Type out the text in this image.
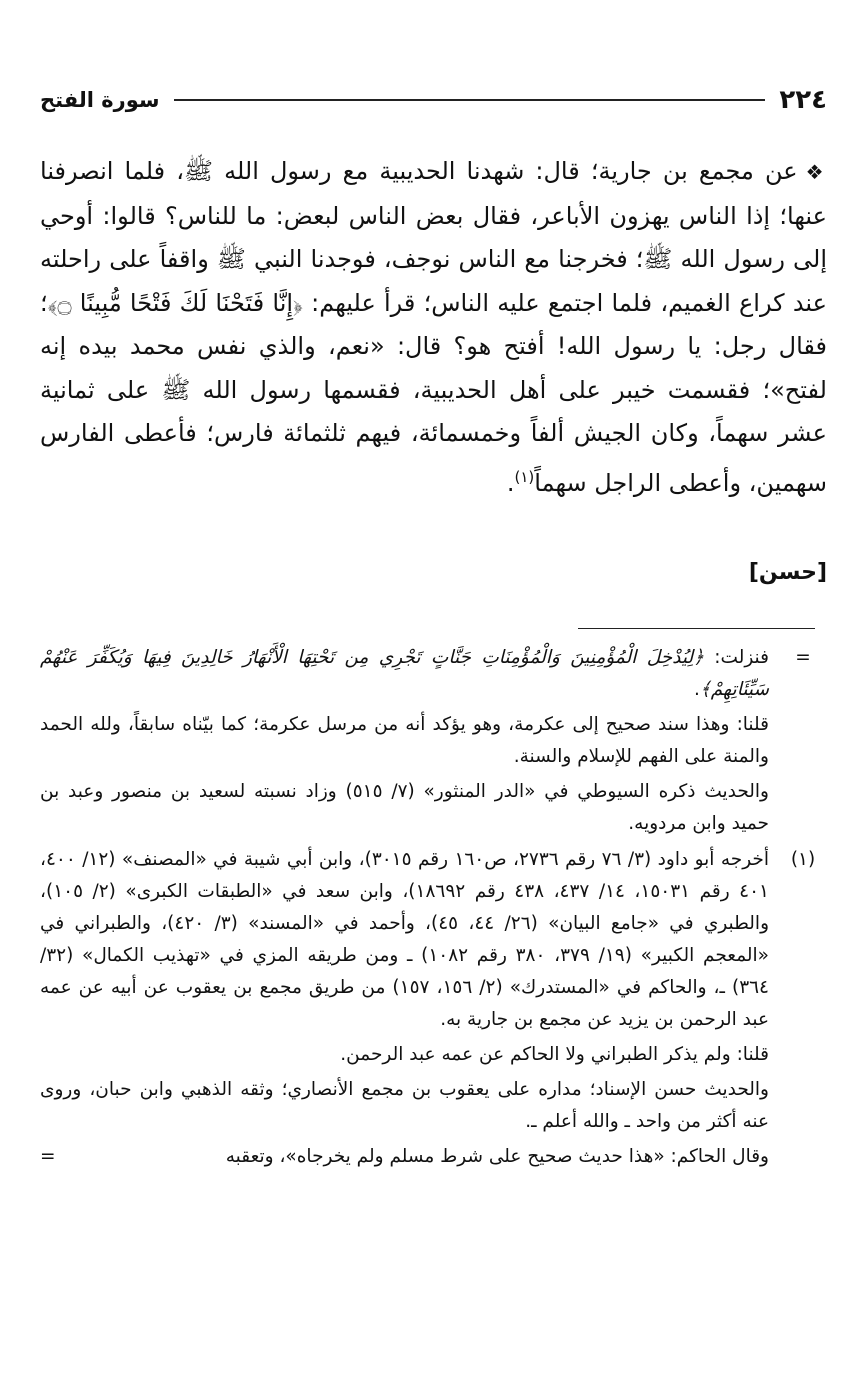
٢٢٤
سورة الفتح

❖عن مجمع بن جارية؛ قال: شهدنا الحديبية مع رسول الله ﷺ، فلما انصرفنا عنها؛ إذا الناس يهزون الأباعر، فقال بعض الناس لبعض: ما للناس؟ قالوا: أوحي إلى رسول الله ﷺ؛ فخرجنا مع الناس نوجف، فوجدنا النبي ﷺ واقفاً على راحلته عند كراع الغميم، فلما اجتمع عليه الناس؛ قرأ عليهم: ﴿إِنَّا فَتَحْنَا لَكَ فَتْحًا مُّبِينًا ۝﴾؛ فقال رجل: يا رسول الله! أفتح هو؟ قال: «نعم، والذي نفس محمد بيده إنه لفتح»؛ فقسمت خيبر على أهل الحديبية، فقسمها رسول الله ﷺ على ثمانية عشر سهماً، وكان الجيش ألفاً وخمسمائة، فيهم ثلثمائة فارس؛ فأعطى الفارس سهمين، وأعطى الراجل سهماً$^{(١)}$.

[حسن]
=

فنزلت: ﴿لِيُدْخِلَ الْمُؤْمِنِينَ وَالْمُؤْمِنَاتِ جَنَّاتٍ تَجْرِي مِن تَحْتِهَا الْأَنْهَارُ خَالِدِينَ فِيهَا وَيُكَفِّرَ عَنْهُمْ سَيِّئَاتِهِمْ﴾.

قلنا: وهذا سند صحيح إلى عكرمة، وهو يؤكد أنه من مرسل عكرمة؛ كما بيّناه سابقاً، ولله الحمد والمنة على الفهم للإسلام والسنة.

والحديث ذكره السيوطي في «الدر المنثور» (٧/ ٥١٥) وزاد نسبته لسعيد بن منصور وعبد بن حميد وابن مردويه.

(١)

أخرجه أبو داود (٣/ ٧٦ رقم ٢٧٣٦، ص١٦٠ رقم ٣٠١٥)، وابن أبي شيبة في «المصنف» (١٢/ ٤٠٠، ٤٠١ رقم ١٥٠٣١، ١٤/ ٤٣٧، ٤٣٨ رقم ١٨٦٩٢)، وابن سعد في «الطبقات الكبرى» (٢/ ١٠٥)، والطبري في «جامع البيان» (٢٦/ ٤٤، ٤٥)، وأحمد في «المسند» (٣/ ٤٢٠)، والطبراني في «المعجم الكبير» (١٩/ ٣٧٩، ٣٨٠ رقم ١٠٨٢) ـ ومن طريقه المزي في «تهذيب الكمال» (٣٢/ ٣٦٤) ـ، والحاكم في «المستدرك» (٢/ ١٥٦، ١٥٧) من طريق مجمع بن يعقوب عن أبيه عن عمه عبد الرحمن بن يزيد عن مجمع بن جارية به.

قلنا: ولم يذكر الطبراني ولا الحاكم عن عمه عبد الرحمن.

والحديث حسن الإسناد؛ مداره على يعقوب بن مجمع الأنصاري؛ وثقه الذهبي وابن حبان، وروى عنه أكثر من واحد ـ والله أعلم ـ.

وقال الحاكم: «هذا حديث صحيح على شرط مسلم ولم يخرجاه»، وتعقبه
=
